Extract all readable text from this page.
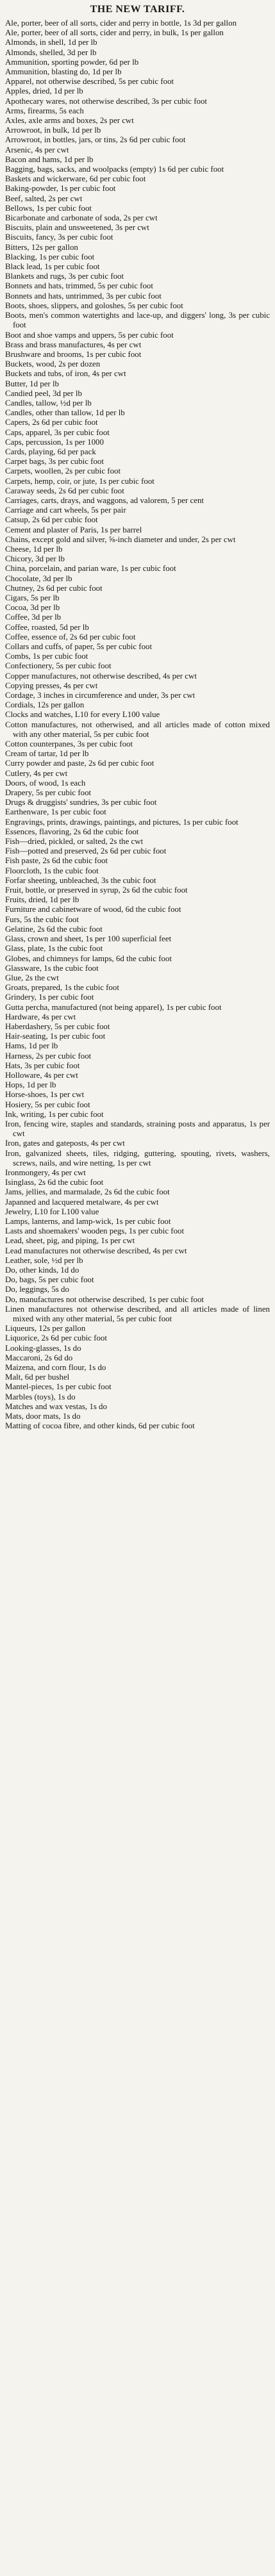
THE NEW TARIFF.
Ale, porter, beer of all sorts, cider and perry in bottle, 1s 3d per gallon
Ale, porter, beer of all sorts, cider and perry, in bulk, 1s per gallon
Almonds, in shell, 1d per lb
Almonds, shelled, 3d per lb
Ammunition, sporting powder, 6d per lb
Ammunition, blasting do, 1d per lb
Apparel, not otherwise described, 5s per cubic foot
Apples, dried, 1d per lb
Apothecary wares, not otherwise described, 3s per cubic foot
Arms, firearms, 5s each
Axles, axle arms and boxes, 2s per cwt
Arrowroot, in bulk, 1d per lb
Arrowroot, in bottles, jars, or tins, 2s 6d per cubic foot
Arsenic, 4s per cwt
Bacon and hams, 1d per lb
Bagging, bags, sacks, and woolpacks (empty) 1s 6d per cubic foot
Baskets and wickerware, 6d per cubic foot
Baking-powder, 1s per cubic foot
Beef, salted, 2s per cwt
Bellows, 1s per cubic foot
Bicarbonate and carbonate of soda, 2s per cwt
Biscuits, plain and unsweetened, 3s per cwt
Biscuits, fancy, 3s per cubic foot
Bitters, 12s per gallon
Blacking, 1s per cubic foot
Black lead, 1s per cubic foot
Blankets and rugs, 3s per cubic foot
Bonnets and hats, trimmed, 5s per cubic foot
Bonnets and hats, untrimmed, 3s per cubic foot
Boots, shoes, slippers, and goloshes, 5s per cubic foot
Boots, men's common watertights and lace-up, and diggers' long, 3s per cubic foot
Boot and shoe vamps and uppers, 5s per cubic foot
Brass and brass manufactures, 4s per cwt
Brushware and brooms, 1s per cubic foot
Buckets, wood, 2s per dozen
Buckets and tubs, of iron, 4s per cwt
Butter, 1d per lb
Candied peel, 3d per lb
Candles, tallow, ½d per lb
Candles, other than tallow, 1d per lb
Capers, 2s 6d per cubic foot
Caps, apparel, 3s per cubic foot
Caps, percussion, 1s per 1000
Cards, playing, 6d per pack
Carpet bags, 3s per cubic foot
Carpets, woollen, 2s per cubic foot
Carpets, hemp, coir, or jute, 1s per cubic foot
Caraway seeds, 2s 6d per cubic foot
Carriages, carts, drays, and waggons, ad valorem, 5 per cent
Carriage and cart wheels, 5s per pair
Catsup, 2s 6d per cubic foot
Cement and plaster of Paris, 1s per barrel
Chains, except gold and silver, ⅝-inch diameter and under, 2s per cwt
Cheese, 1d per lb
Chicory, 3d per lb
China, porcelain, and parian ware, 1s per cubic foot
Chocolate, 3d per lb
Chutney, 2s 6d per cubic foot
Cigars, 5s per lb
Cocoa, 3d per lb
Coffee, 3d per lb
Coffee, roasted, 5d per lb
Coffee, essence of, 2s 6d per cubic foot
Collars and cuffs, of paper, 5s per cubic foot
Combs, 1s per cubic foot
Confectionery, 5s per cubic foot
Copper manufactures, not otherwise described, 4s per cwt
Copying presses, 4s per cwt
Cordage, 3 inches in circumference and under, 3s per cwt
Cordials, 12s per gallon
Clocks and watches, L10 for every L100 value
Cotton manufactures, not otherwised, and all articles made of cotton mixed with any other material, 5s per cubic foot
Cotton counterpanes, 3s per cubic foot
Cream of tartar, 1d per lb
Curry powder and paste, 2s 6d per cubic foot
Cutlery, 4s per cwt
Doors, of wood, 1s each
Drapery, 5s per cubic foot
Drugs & druggists' sundries, 3s per cubic foot
Earthenware, 1s per cubic foot
Engravings, prints, drawings, paintings, and pictures, 1s per cubic foot
Essences, flavoring, 2s 6d the cubic foot
Fish—dried, pickled, or salted, 2s the cwt
Fish—potted and preserved, 2s 6d per cubic foot
Fish paste, 2s 6d the cubic foot
Floorcloth, 1s the cubic foot
Forfar sheeting, unbleached, 3s the cubic foot
Fruit, bottle, or preserved in syrup, 2s 6d the cubic foot
Fruits, dried, 1d per lb
Furniture and cabinetware of wood, 6d the cubic foot
Furs, 5s the cubic foot
Gelatine, 2s 6d the cubic foot
Glass, crown and sheet, 1s per 100 superficial feet
Glass, plate, 1s the cubic foot
Globes, and chimneys for lamps, 6d the cubic foot
Glassware, 1s the cubic foot
Glue, 2s the cwt
Groats, prepared, 1s the cubic foot
Grindery, 1s per cubic foot
Gutta percha, manufactured (not being apparel), 1s per cubic foot
Hardware, 4s per cwt
Haberdashery, 5s per cubic foot
Hair-seating, 1s per cubic foot
Hams, 1d per lb
Harness, 2s per cubic foot
Hats, 3s per cubic foot
Holloware, 4s per cwt
Hops, 1d per lb
Horse-shoes, 1s per cwt
Hosiery, 5s per cubic foot
Ink, writing, 1s per cubic foot
Iron, fencing wire, staples and standards, straining posts and apparatus, 1s per cwt
Iron, gates and gateposts, 4s per cwt
Iron, galvanized sheets, tiles, ridging, guttering, spouting, rivets, washers, screws, nails, and wire netting, 1s per cwt
Ironmongery, 4s per cwt
Isinglass, 2s 6d the cubic foot
Jams, jellies, and marmalade, 2s 6d the cubic foot
Japanned and lacquered metalware, 4s per cwt
Jewelry, L10 for L100 value
Lamps, lanterns, and lamp-wick, 1s per cubic foot
Lasts and shoemakers' wooden pegs, 1s per cubic foot
Lead, sheet, pig, and piping, 1s per cwt
Lead manufactures not otherwise described, 4s per cwt
Leather, sole, ½d per lb
Do, other kinds, 1d do
Do, bags, 5s per cubic foot
Do, leggings, 5s do
Do, manufactures not otherwise described, 1s per cubic foot
Linen manufactures not otherwise described, and all articles made of linen mixed with any other material, 5s per cubic foot
Liqueurs, 12s per gallon
Liquorice, 2s 6d per cubic foot
Looking-glasses, 1s do
Maccaroni, 2s 6d do
Maizena, and corn flour, 1s do
Malt, 6d per bushel
Mantel-pieces, 1s per cubic foot
Marbles (toys), 1s do
Matches and wax vestas, 1s do
Mats, door mats, 1s do
Matting of cocoa fibre, and other kinds, 6d per cubic foot
